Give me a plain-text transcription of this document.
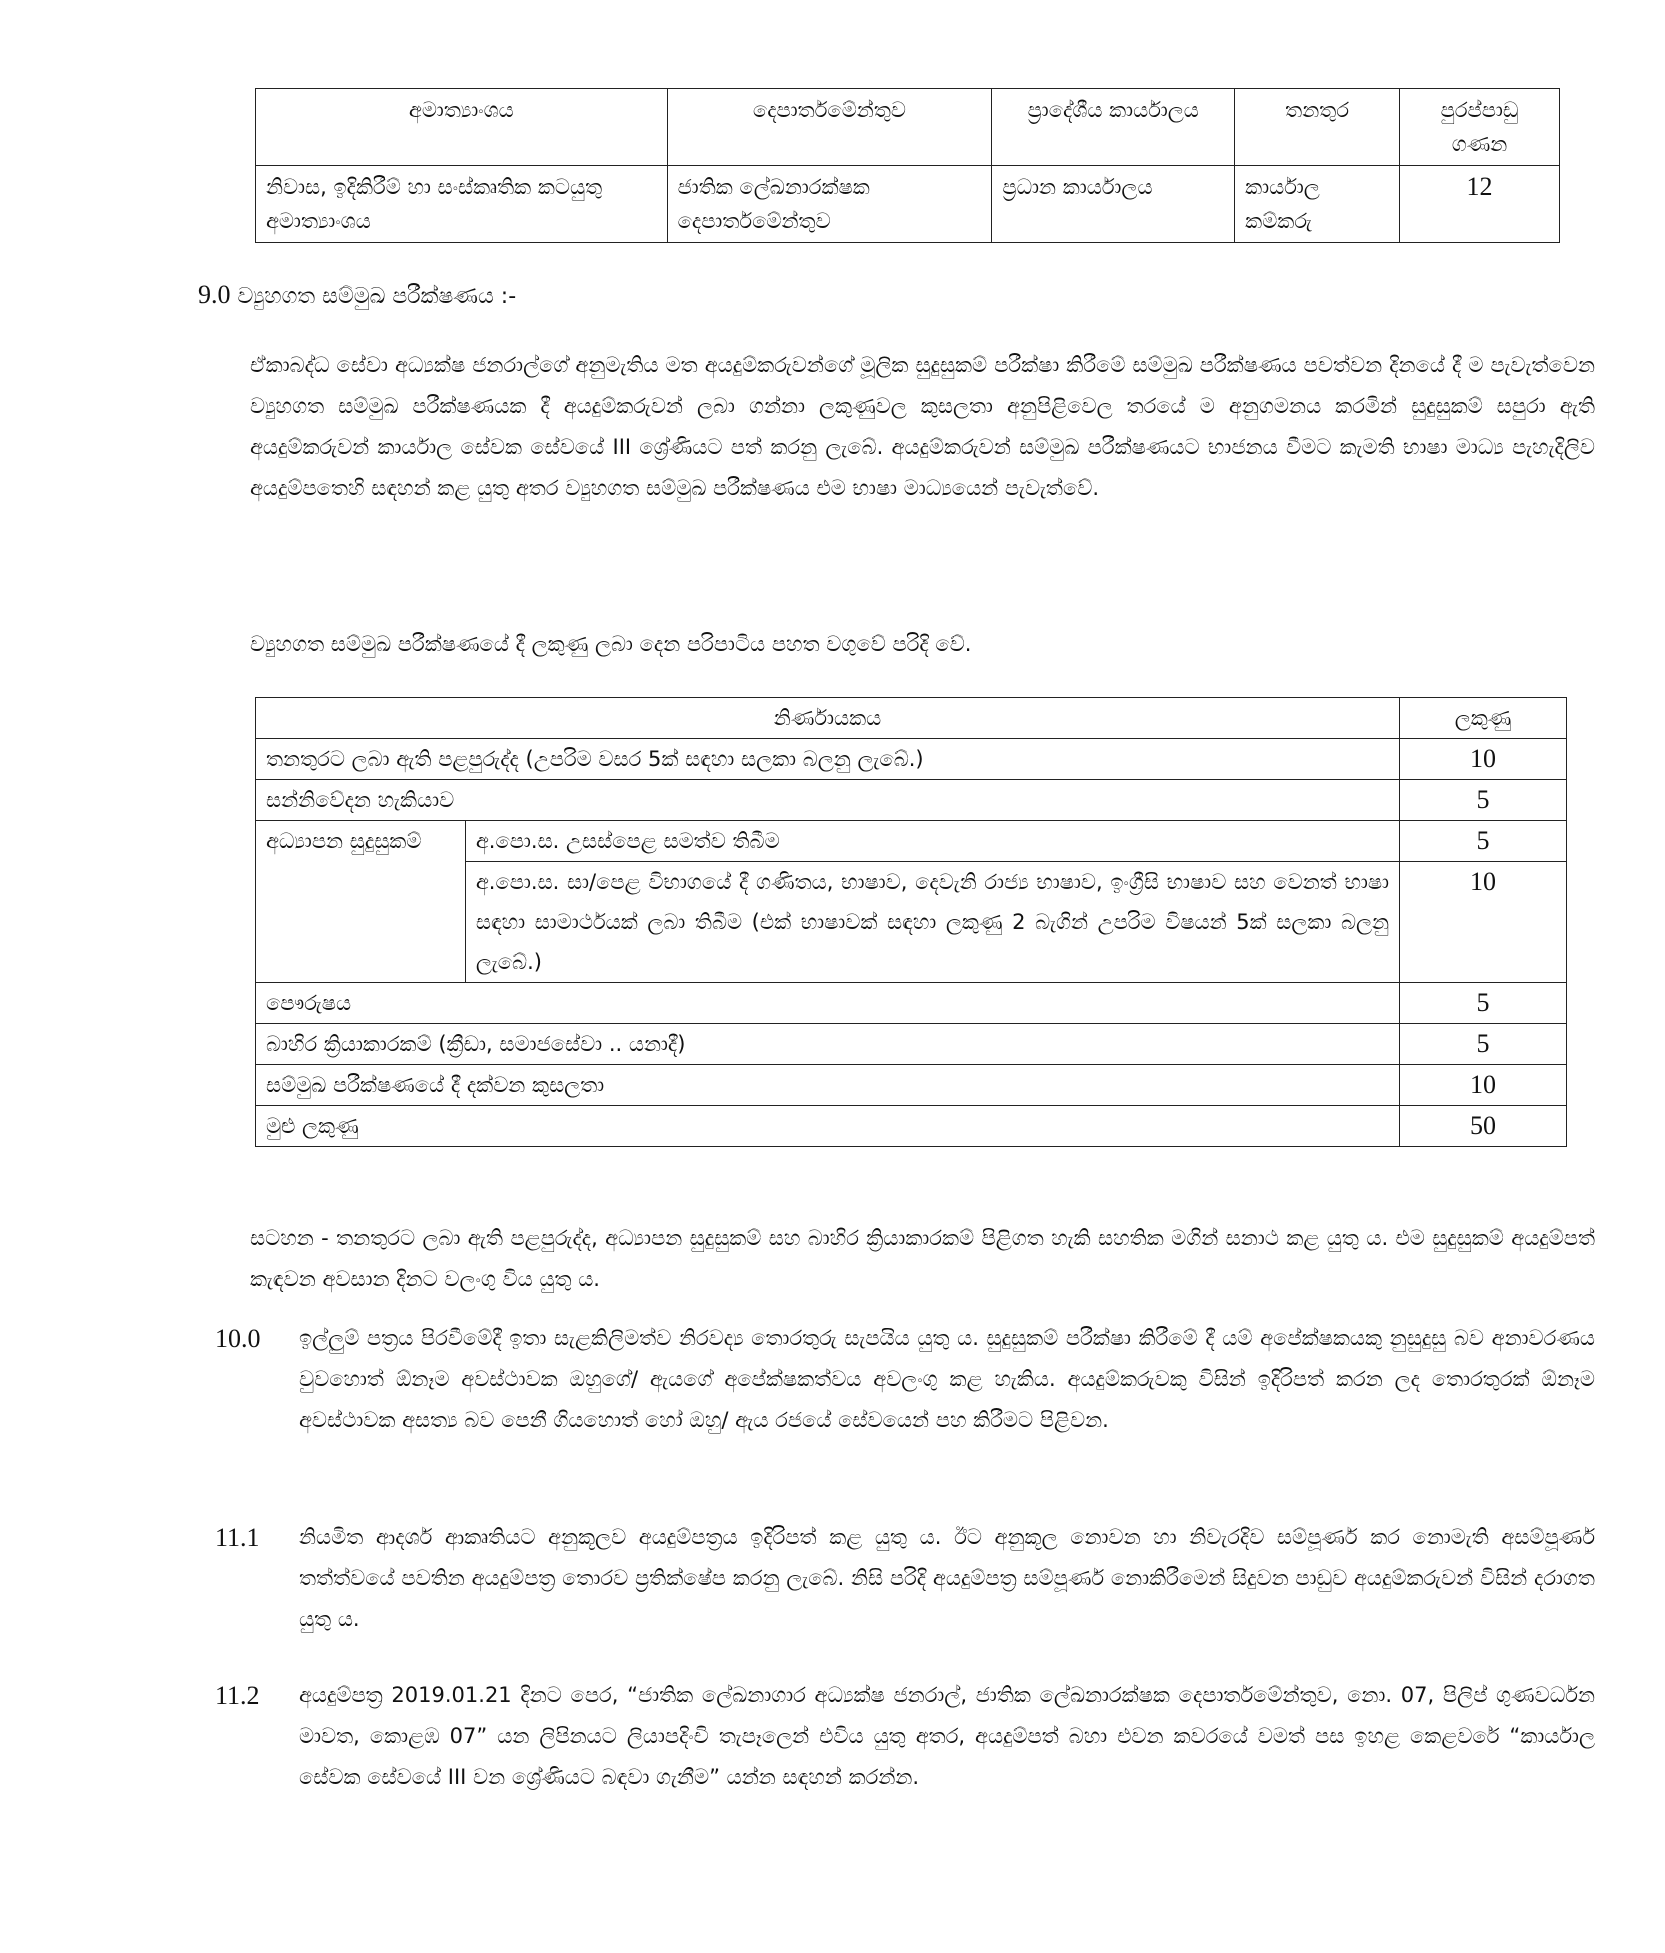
අමාත්‍යාංශය	දෙපාර්තමේන්තුව	ප්‍රාදේශීය කාර්යාලය	තනතුර	පුරප්පාඩු ගණන
නිවාස, ඉදිකිරීම් හා සංස්කෘතික කටයුතු අමාත්‍යාංශය	ජාතික ලේඛනාරක්ෂක දෙපාර්තමේන්තුව	ප්‍රධාන කාර්යාලය	කාර්යාල කම්කරු	12
9.0 ව්‍යුහගත සම්මුඛ පරීක්ෂණය :-
ඒකාබද්ධ සේවා අධ්‍යක්ෂ ජනරාල්ගේ අනුමැතිය මත අයදුම්කරුවන්ගේ මූලික සුදුසුකම් පරීක්ෂා කිරීමේ සම්මුඛ පරීක්ෂණය පවත්වන දිනයේ දී ම පැවැත්වෙන ව්‍යුහගත සම්මුඛ පරීක්ෂණයක දී අයදුම්කරුවන් ලබා ගන්නා ලකුණුවල කුසලතා අනුපිළිවෙල තරයේ ම අනුගමනය කරමින් සුදුසුකම් සපුරා ඇති අයදුම්කරුවන් කාර්යාල සේවක සේවයේ III ශ්‍රේණියට පත් කරනු ලැබේ. අයදුම්කරුවන් සම්මුඛ පරීක්ෂණයට භාජනය වීමට කැමති භාෂා මාධ්‍ය පැහැදිලිව අයදුම්පතෙහි සඳහන් කළ යුතු අතර ව්‍යුහගත සම්මුඛ පරීක්ෂණය එම භාෂා මාධ්‍යයෙන් පැවැත්වේ.
ව්‍යුහගත සම්මුඛ පරීක්ෂණයේ දී ලකුණු ලබා දෙන පරිපාටිය පහත වගුවේ පරිදි වේ.
නිර්ණායකය		ලකුණු
තනතුරට ලබා ඇති පළපුරුද්ද (උපරිම වසර 5ක් සඳහා සලකා බලනු ලැබේ.)		10
සන්නිවේදන හැකියාව		5
අධ්‍යාපන සුදුසුකම්	අ.පො.ස. උසස්පෙළ සමත්ව තිබීම	5
	අ.පො.ස. සා/පෙළ විභාගයේ දී ගණිතය, භාෂාව, දෙවැනි රාජ්‍ය භාෂාව, ඉංග්‍රීසි භාෂාව සහ වෙනත් භාෂා සඳහා සාමාර්ථයක් ලබා තිබීම (එක් භාෂාවක් සඳහා ලකුණු 2 බැගින් උපරිම විෂයන් 5ක් සලකා බලනු ලැබේ.)	10
පෞරුෂය		5
බාහිර ක්‍රියාකාරකම් (ක්‍රීඩා, සමාජසේවා .. යනාදී)		5
සම්මුඛ පරීක්ෂණයේ දී දක්වන කුසලතා		10
මුළු ලකුණු		50
සටහන - තනතුරට ලබා ඇති පළපුරුද්ද, අධ්‍යාපන සුදුසුකම් සහ බාහිර ක්‍රියාකාරකම් පිළිගත හැකි සහතික මගින් සනාථ කළ යුතු ය. එම සුදුසුකම් අයදුම්පත් කැඳවන අවසාන දිනට වලංගු විය යුතු ය.
10.0 ඉල්ලුම් පත්‍රය පිරවීමේදී ඉතා සැළකිලිමත්ව නිරවද්‍ය තොරතුරු සැපයිය යුතු ය. සුදුසුකම් පරීක්ෂා කිරීමේ දී යම් අපේක්ෂකයකු නුසුදුසු බව අනාවරණය වුවහොත් ඕනෑම අවස්ථාවක ඔහුගේ/ ඇයගේ අපේක්ෂකත්වය අවලංගු කළ හැකිය. අයදුම්කරුවකු විසින් ඉදිරිපත් කරන ලද තොරතුරක් ඕනෑම අවස්ථාවක අසත්‍ය බව පෙනී ගියහොත් හෝ ඔහු/ ඇය රජයේ සේවයෙන් පහ කිරීමට පිළිවන.
11.1 නියමිත ආදර්ශ ආකෘතියට අනුකූලව අයදුම්පත්‍රය ඉදිරිපත් කළ යුතු ය. ඊට අනුකූල නොවන හා නිවැරදිව සම්පූර්ණ කර නොමැති අසම්පූර්ණ තත්ත්වයේ පවතින අයදුම්පත්‍ර තොරව ප්‍රතික්ෂේප කරනු ලැබේ. නිසි පරිදි අයදුම්පත්‍ර සම්පූර්ණ නොකිරීමෙන් සිදුවන පාඩුව අයදුම්කරුවන් විසින් දරාගත යුතු ය.
11.2 අයදුම්පත්‍ර 2019.01.21 දිනට පෙර, “ජාතික ලේඛනාගාර අධ්‍යක්ෂ ජනරාල්, ජාතික ලේඛනාරක්ෂක දෙපාර්තමේන්තුව, නො. 07, පිලිප් ගුණවර්ධන මාවත, කොළඹ 07” යන ලිපිනයට ලියාපදිංචි තැපෑලෙන් එවිය යුතු අතර, අයදුම්පත් බහා එවන කවරයේ වමත් පස ඉහළ කෙළවරේ “කාර්යාල සේවක සේවයේ III වන ශ්‍රේණියට බඳවා ගැනීම” යන්න සඳහන් කරන්න.
